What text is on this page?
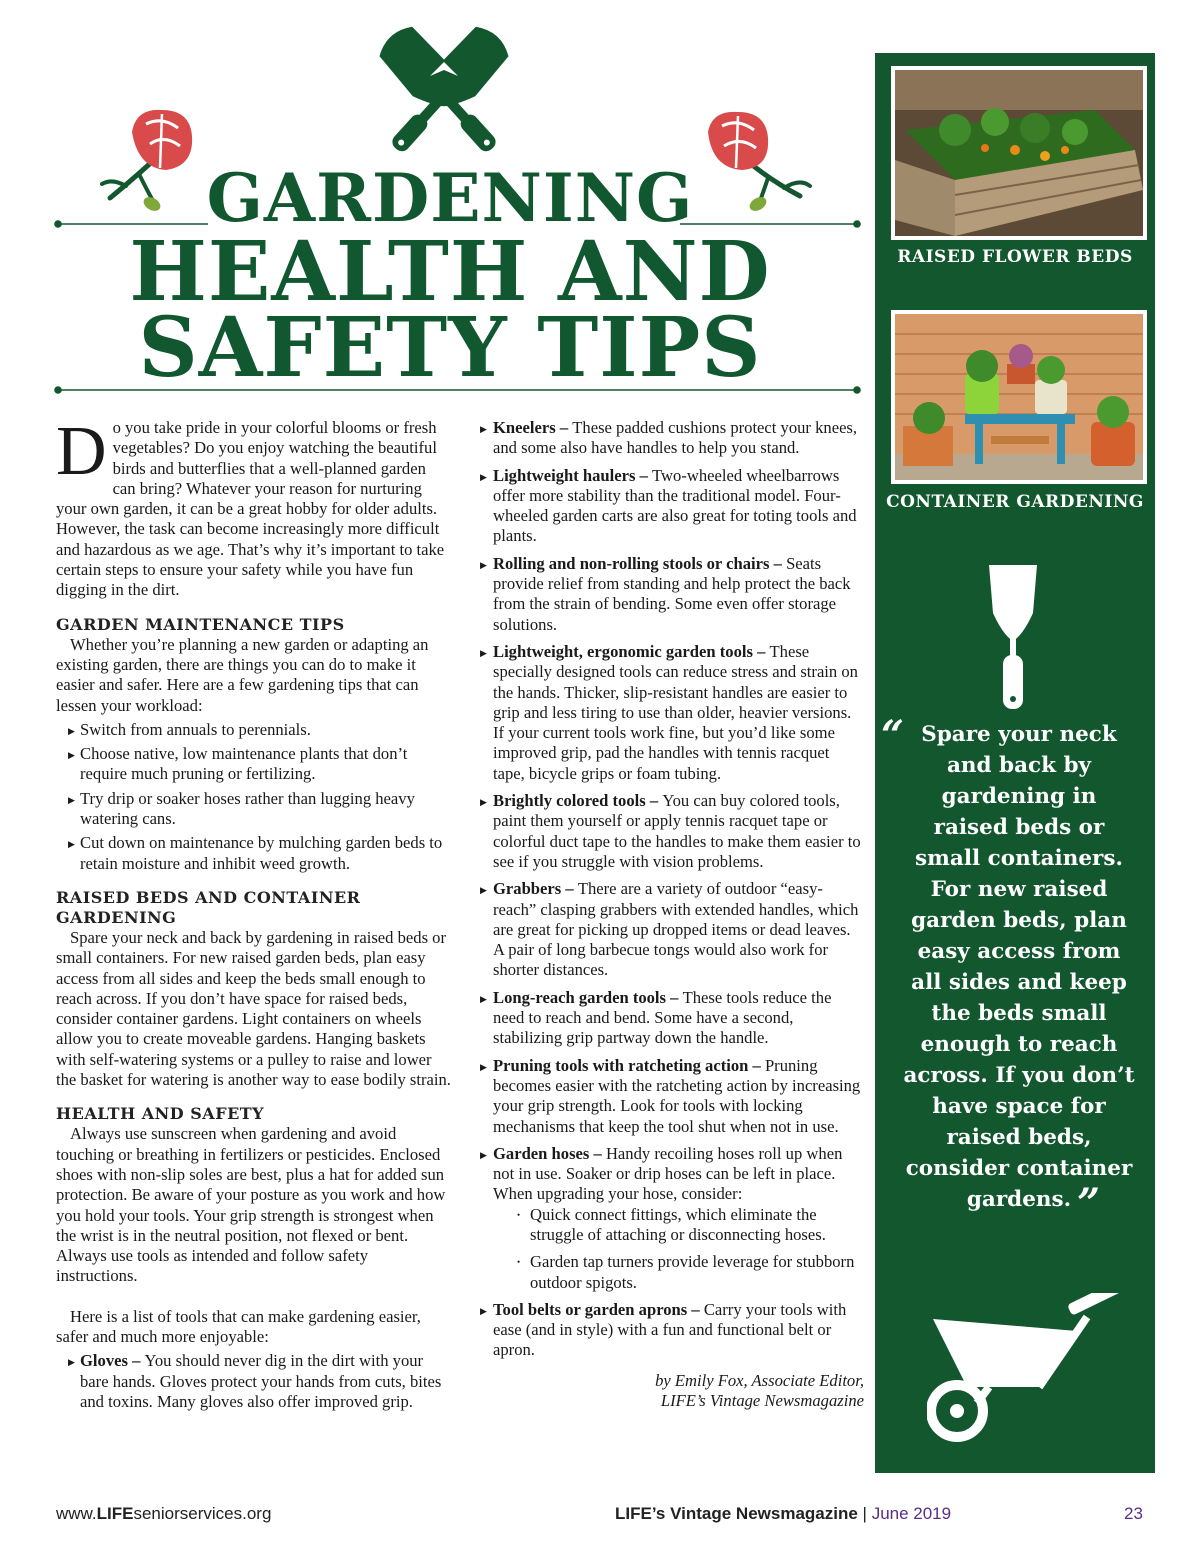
GARDENING
HEALTH AND
SAFETY TIPS

Do you take pride in your colorful blooms or fresh vegetables? Do you enjoy watching the beautiful birds and butterflies that a well-planned garden can bring? Whatever your reason for nurturing your own garden, it can be a great hobby for older adults. However, the task can become increasingly more difficult and hazardous as we age. That’s why it’s important to take certain steps to ensure your safety while you have fun digging in the dirt.

GARDEN MAINTENANCE TIPS

Whether you’re planning a new garden or adapting an existing garden, there are things you can do to make it easier and safer. Here are a few gardening tips that can lessen your workload:

▶ Switch from annuals to perennials.
▶ Choose native, low maintenance plants that don’t require much pruning or fertilizing.
▶ Try drip or soaker hoses rather than lugging heavy watering cans.
▶ Cut down on maintenance by mulching garden beds to retain moisture and inhibit weed growth.
RAISED BEDS AND CONTAINER GARDENING

Spare your neck and back by gardening in raised beds or small containers. For new raised garden beds, plan easy access from all sides and keep the beds small enough to reach across. If you don’t have space for raised beds, consider container gardens. Light containers on wheels allow you to create moveable gardens. Hanging baskets with self-watering systems or a pulley to raise and lower the basket for watering is another way to ease bodily strain.

HEALTH AND SAFETY

Always use sunscreen when gardening and avoid touching or breathing in fertilizers or pesticides. Enclosed shoes with non-slip soles are best, plus a hat for added sun protection. Be aware of your posture as you work and how you hold your tools. Your grip strength is strongest when the wrist is in the neutral position, not flexed or bent. Always use tools as intended and follow safety instructions.

Here is a list of tools that can make gardening easier, safer and much more enjoyable:

▶ Gloves – You should never dig in the dirt with your bare hands. Gloves protect your hands from cuts, bites and toxins. Many gloves also offer improved grip.
▶ Kneelers – These padded cushions protect your knees, and some also have handles to help you stand.
▶ Lightweight haulers – Two-wheeled wheelbarrows offer more stability than the traditional model. Four-wheeled garden carts are also great for toting tools and plants.
▶ Rolling and non-rolling stools or chairs – Seats provide relief from standing and help protect the back from the strain of bending. Some even offer storage solutions.
▶ Lightweight, ergonomic garden tools – These specially designed tools can reduce stress and strain on the hands. Thicker, slip-resistant handles are easier to grip and less tiring to use than older, heavier versions. If your current tools work fine, but you’d like some improved grip, pad the handles with tennis racquet tape, bicycle grips or foam tubing.
▶ Brightly colored tools – You can buy colored tools, paint them yourself or apply tennis racquet tape or colorful duct tape to the handles to make them easier to see if you struggle with vision problems.
▶ Grabbers – There are a variety of outdoor “easy-reach” clasping grabbers with extended handles, which are great for picking up dropped items or dead leaves. A pair of long barbecue tongs would also work for shorter distances.
▶ Long-reach garden tools – These tools reduce the need to reach and bend. Some have a second, stabilizing grip partway down the handle.
▶ Pruning tools with ratcheting action – Pruning becomes easier with the ratcheting action by increasing your grip strength. Look for tools with locking mechanisms that keep the tool shut when not in use.
▶ Garden hoses – Handy recoiling hoses roll up when not in use. Soaker or drip hoses can be left in place. When upgrading your hose, consider:
• Quick connect fittings, which eliminate the struggle of attaching or disconnecting hoses.
• Garden tap turners provide leverage for stubborn outdoor spigots.
▶ Tool belts or garden aprons – Carry your tools with ease (and in style) with a fun and functional belt or apron.

by Emily Fox, Associate Editor,
LIFE’s Vintage Newsmagazine

RAISED FLOWER BEDS
CONTAINER GARDENING
“ Spare your neck and back by gardening in raised beds or small containers. For new raised garden beds, plan easy access from all sides and keep the beds small enough to reach across. If you don’t have space for raised beds, consider container gardens. ”
www.LIFEseniorservices.org	LIFE’s Vintage Newsmagazine | June 2019	23
